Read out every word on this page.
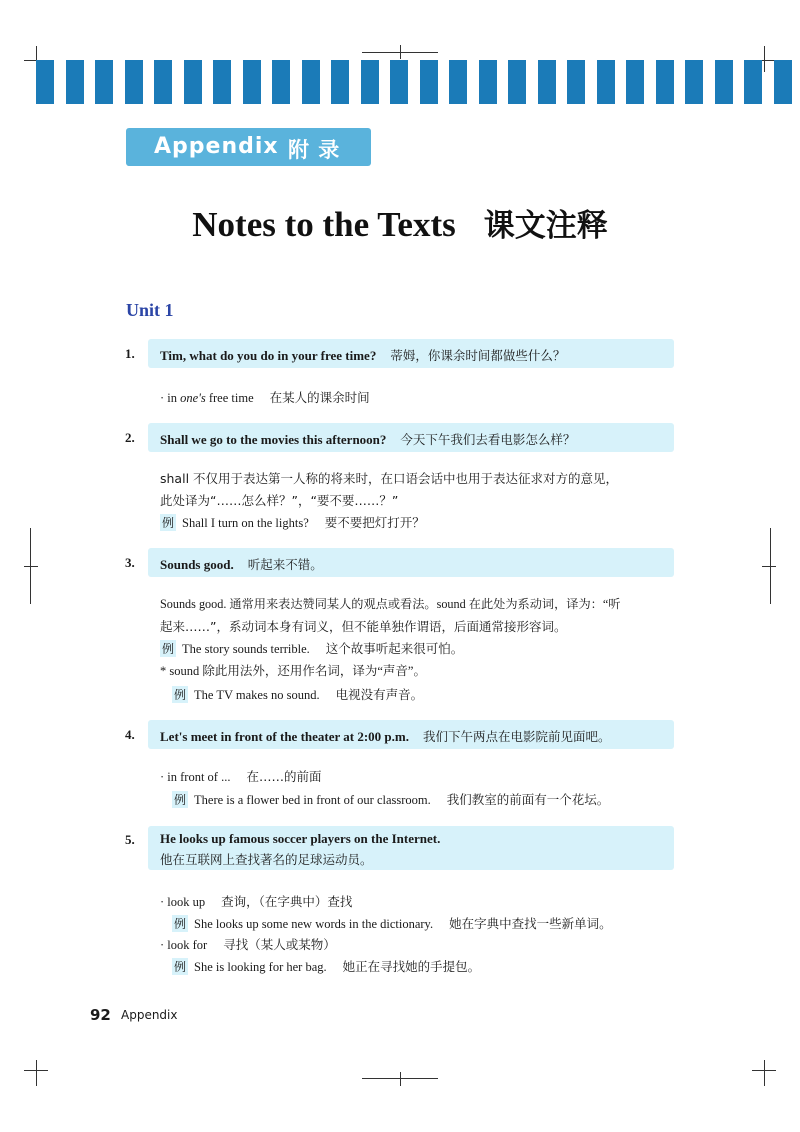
Appendix 附 录
Notes to the Texts 课文注释
Unit 1
1. Tim, what do you do in your free time? 蒂姆，你课余时间都做些什么？
· in one's free time 在某人的课余时间
2. Shall we go to the movies this afternoon? 今天下午我们去看电影怎么样？
shall 不仅用于表达第一人称的将来时，在口语会话中也用于表达征求对方的意见，
此处译为“……怎么样？”，“要不要……？”
例 Shall I turn on the lights? 要不要把灯打开？
3. Sounds good. 听起来不错。
Sounds good. 通常用来表达赞同某人的观点或看法。sound 在此处为系动词，译为：“听
起来……”，系动词本身有词义，但不能单独作谓语，后面通常接形容词。
例 The story sounds terrible. 这个故事听起来很可怕。
* sound 除此用法外，还用作名词，译为“声音”。
例 The TV makes no sound. 电视没有声音。
4. Let's meet in front of the theater at 2:00 p.m. 我们下午两点在电影院前见面吧。
· in front of ... 在……的前面
例 There is a flower bed in front of our classroom. 我们教室的前面有一个花坛。
5. He looks up famous soccer players on the Internet.
他在互联网上查找著名的足球运动员。
· look up 查询，（在字典中）查找
例 She looks up some new words in the dictionary. 她在字典中查找一些新单词。
· look for 寻找（某人或某物）
例 She is looking for her bag. 她正在寻找她的手提包。
92 Appendix
